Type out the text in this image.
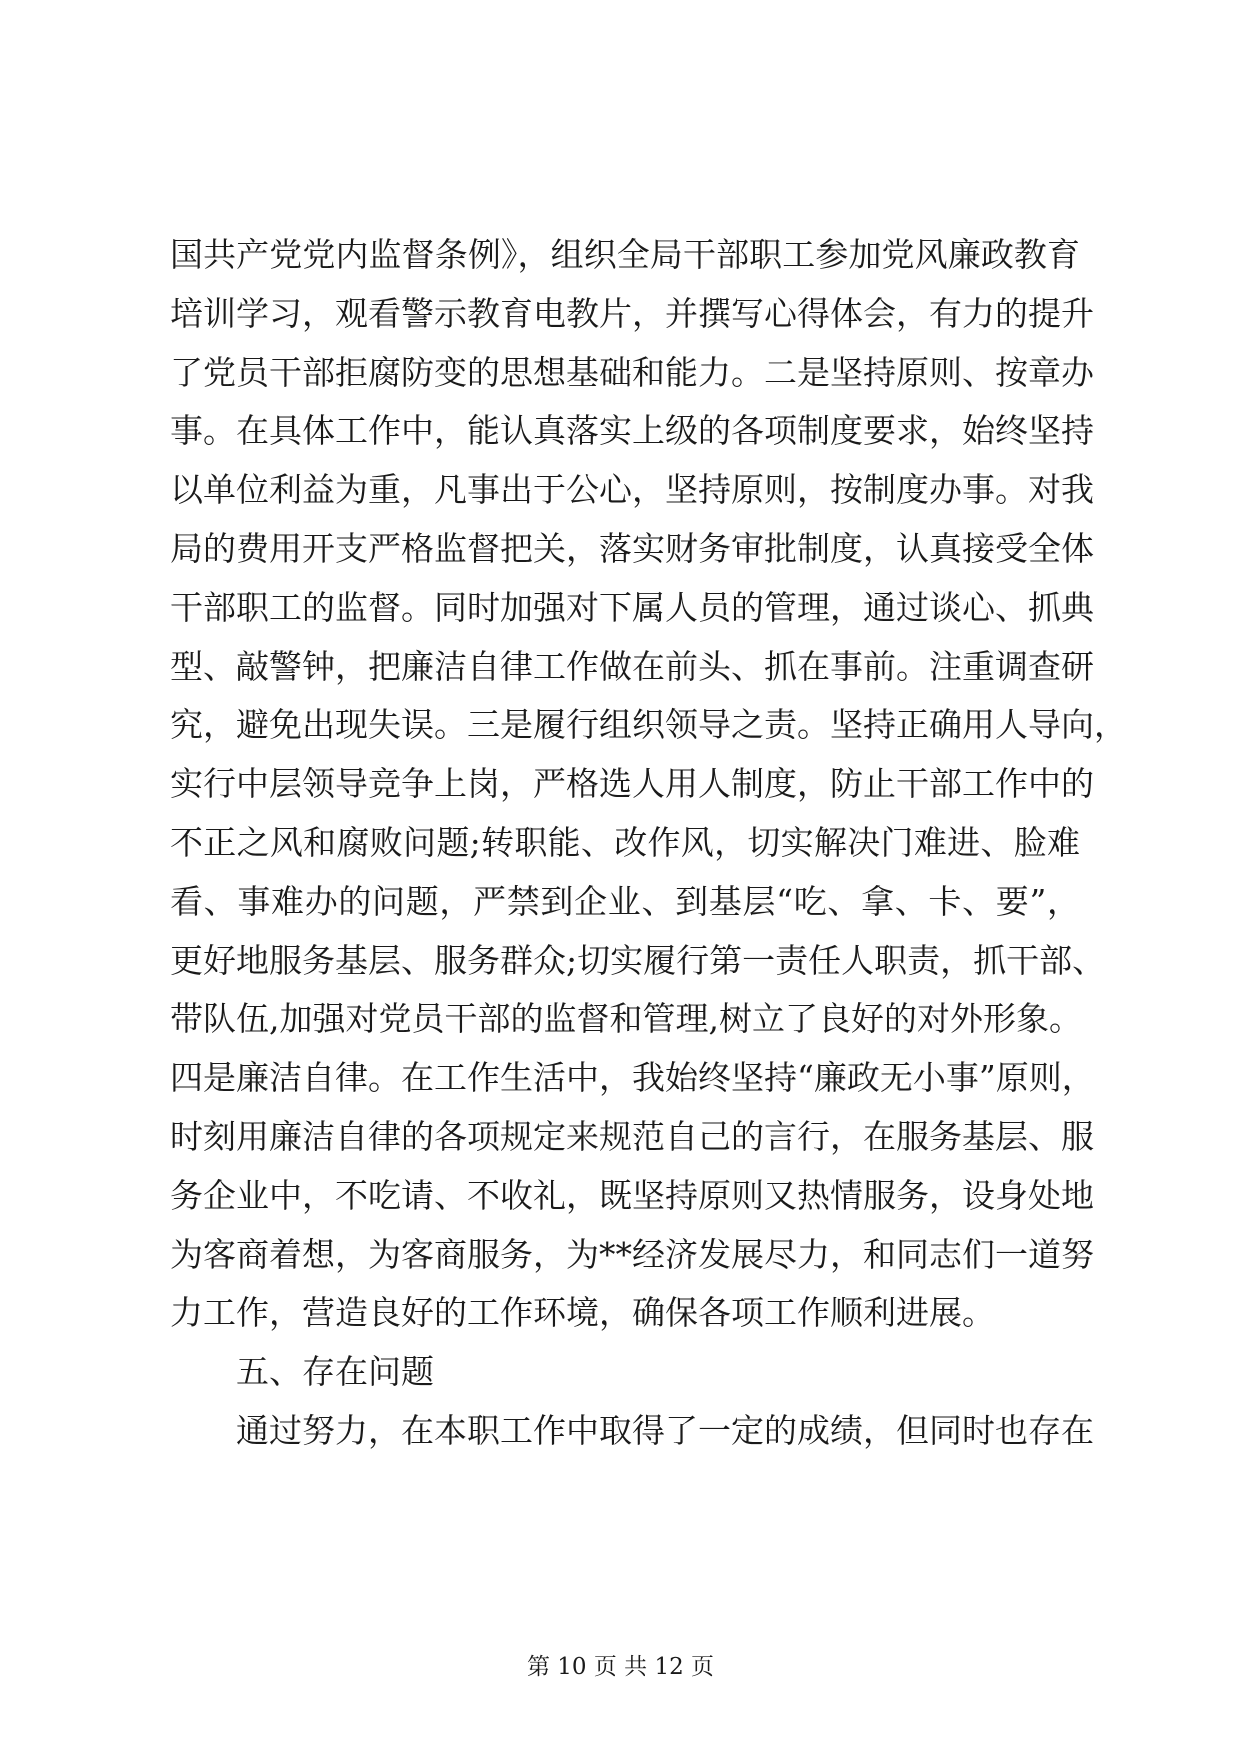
国共产党党内监督条例》，组织全局干部职工参加党风廉政教育
培训学习，观看警示教育电教片，并撰写心得体会，有力的提升
了党员干部拒腐防变的思想基础和能力。二是坚持原则、按章办
事。在具体工作中，能认真落实上级的各项制度要求，始终坚持
以单位利益为重，凡事出于公心，坚持原则，按制度办事。对我
局的费用开支严格监督把关，落实财务审批制度，认真接受全体
干部职工的监督。同时加强对下属人员的管理，通过谈心、抓典
型、敲警钟，把廉洁自律工作做在前头、抓在事前。注重调查研
究，避免出现失误。三是履行组织领导之责。坚持正确用人导向，
实行中层领导竞争上岗，严格选人用人制度，防止干部工作中的
不正之风和腐败问题;转职能、改作风，切实解决门难进、脸难
看、事难办的问题，严禁到企业、到基层“吃、拿、卡、要”，
更好地服务基层、服务群众;切实履行第一责任人职责，抓干部、
带队伍,加强对党员干部的监督和管理,树立了良好的对外形象。
四是廉洁自律。在工作生活中，我始终坚持“廉政无小事”原则，
时刻用廉洁自律的各项规定来规范自己的言行，在服务基层、服
务企业中，不吃请、不收礼，既坚持原则又热情服务，设身处地
为客商着想，为客商服务，为**经济发展尽力，和同志们一道努
力工作，营造良好的工作环境，确保各项工作顺利进展。
五、存在问题
通过努力，在本职工作中取得了一定的成绩，但同时也存在
第 10 页 共 12 页
